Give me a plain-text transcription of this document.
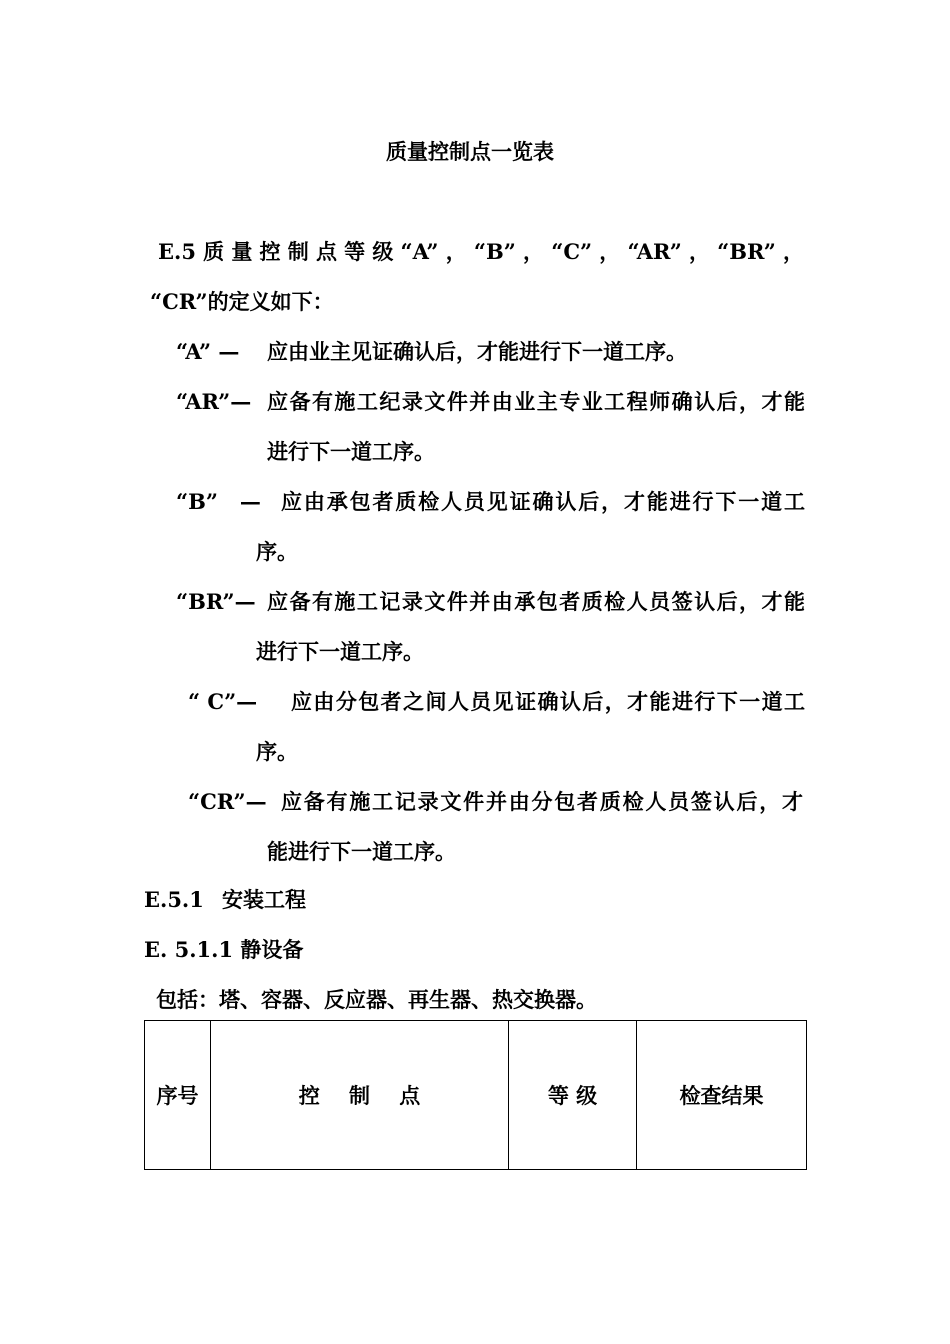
质量控制点一览表
E.5质量控制点等级“A”，“B”，“C”，“AR”，“BR”，
“CR”的定义如下：
“A” — 应由业主见证确认后，才能进行下一道工序。
“AR”— 应备有施工纪录文件并由业主专业工程师确认后，才能
进行下一道工序。
“B”   — 应由承包者质检人员见证确认后，才能进行下一道工
序。
“BR”— 应备有施工记录文件并由承包者质检人员签认后，才能
进行下一道工序。
“ C”— 应由分包者之间人员见证确认后，才能进行下一道工
序。
“CR”— 应备有施工记录文件并由分包者质检人员签认后，才
能进行下一道工序。
E.5.1 安装工程
E. 5.1.1 静设备
包括：塔、容器、反应器、再生器、热交换器。
序号	控    制    点	等 级	检查结果
